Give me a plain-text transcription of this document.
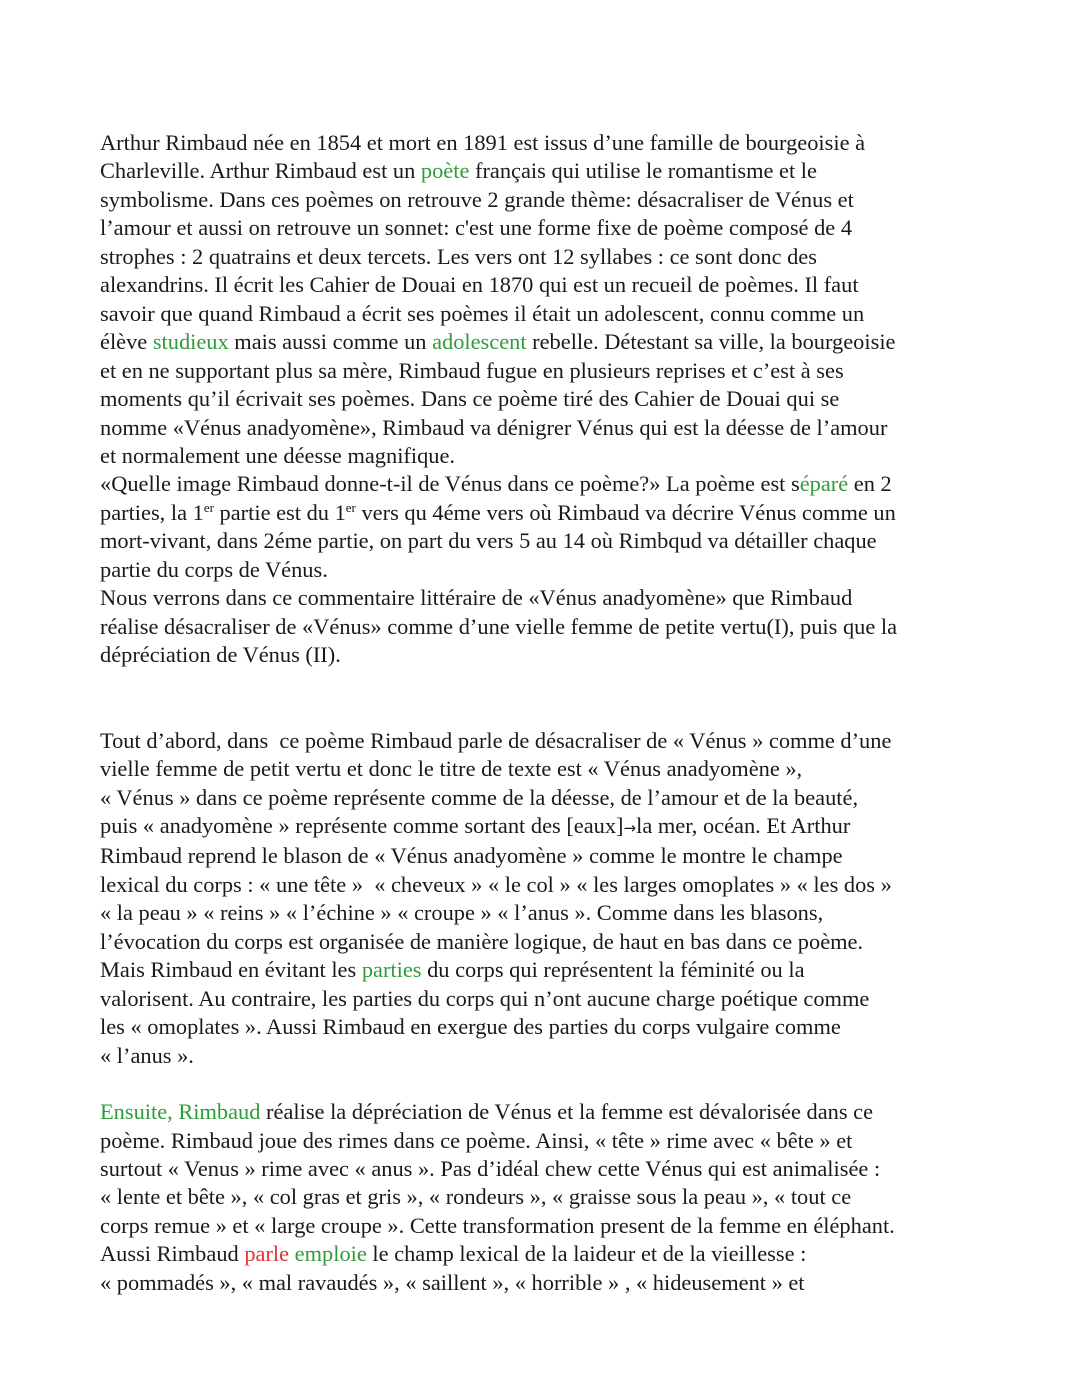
Arthur Rimbaud née en 1854 et mort en 1891 est issus d’une famille de bourgeoisie à
Charleville. Arthur Rimbaud est un poète français qui utilise le romantisme et le
symbolisme. Dans ces poèmes on retrouve 2 grande thème: désacraliser de Vénus et
l’amour et aussi on retrouve un sonnet: c'est une forme fixe de poème composé de 4
strophes : 2 quatrains et deux tercets. Les vers ont 12 syllabes : ce sont donc des
alexandrins. Il écrit les Cahier de Douai en 1870 qui est un recueil de poèmes. Il faut
savoir que quand Rimbaud a écrit ses poèmes il était un adolescent, connu comme un
élève studieux mais aussi comme un adolescent rebelle. Détestant sa ville, la bourgeoisie
et en ne supportant plus sa mère, Rimbaud fugue en plusieurs reprises et c’est à ses
moments qu’il écrivait ses poèmes. Dans ce poème tiré des Cahier de Douai qui se
nomme «Vénus anadyomène», Rimbaud va dénigrer Vénus qui est la déesse de l’amour
et normalement une déesse magnifique.
«Quelle image Rimbaud donne-t-il de Vénus dans ce poème?» La poème est séparé en 2
parties, la 1er partie est du 1er vers qu 4éme vers où Rimbaud va décrire Vénus comme un
mort-vivant, dans 2éme partie, on part du vers 5 au 14 où Rimbqud va détailler chaque
partie du corps de Vénus.
Nous verrons dans ce commentaire littéraire de «Vénus anadyomène» que Rimbaud
réalise désacraliser de «Vénus» comme d’une vielle femme de petite vertu(I), puis que la
dépréciation de Vénus (II).
Tout d’abord, dans  ce poème Rimbaud parle de désacraliser de « Vénus » comme d’une
vielle femme de petit vertu et donc le titre de texte est « Vénus anadyomène »,
« Vénus » dans ce poème représente comme de la déesse, de l’amour et de la beauté,
puis « anadyomène » représente comme sortant des [eaux]→la mer, océan. Et Arthur
Rimbaud reprend le blason de « Vénus anadyomène » comme le montre le champe
lexical du corps : « une tête »  « cheveux » « le col » « les larges omoplates » « les dos »
« la peau » « reins » « l’échine » « croupe » « l’anus ». Comme dans les blasons,
l’évocation du corps est organisée de manière logique, de haut en bas dans ce poème.
Mais Rimbaud en évitant les parties du corps qui représentent la féminité ou la
valorisent. Au contraire, les parties du corps qui n’ont aucune charge poétique comme
les « omoplates ». Aussi Rimbaud en exergue des parties du corps vulgaire comme
« l’anus ».
Ensuite, Rimbaud réalise la dépréciation de Vénus et la femme est dévalorisée dans ce
poème. Rimbaud joue des rimes dans ce poème. Ainsi, « tête » rime avec « bête » et
surtout « Venus » rime avec « anus ». Pas d’idéal chew cette Vénus qui est animalisée :
« lente et bête », « col gras et gris », « rondeurs », « graisse sous la peau », « tout ce
corps remue » et « large croupe ». Cette transformation present de la femme en éléphant.
Aussi Rimbaud parle emploie le champ lexical de la laideur et de la vieillesse :
« pommadés », « mal ravaudés », « saillent », « horrible » , « hideusement » et
